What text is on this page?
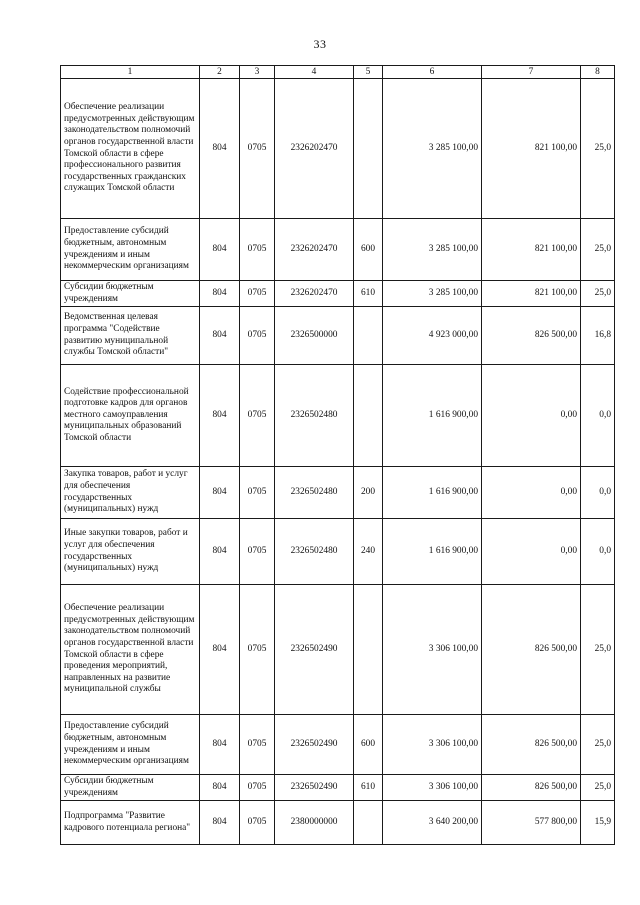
33
1	2	3	4	5	6	7	8
Обеспечение реализации предусмотренных действующим законодательством полномочий органов государственной власти Томской области в сфере профессионального развития государственных гражданских служащих Томской области	804	0705	2326202470		3 285 100,00	821 100,00	25,0
Предоставление субсидий бюджетным, автономным учреждениям и иным некоммерческим организациям	804	0705	2326202470	600	3 285 100,00	821 100,00	25,0
Субсидии бюджетным учреждениям	804	0705	2326202470	610	3 285 100,00	821 100,00	25,0
Ведомственная целевая программа "Содействие развитию муниципальной службы Томской области"	804	0705	2326500000		4 923 000,00	826 500,00	16,8
Содействие профессиональной подготовке кадров для органов местного самоуправления муниципальных образований Томской области	804	0705	2326502480		1 616 900,00	0,00	0,0
Закупка товаров, работ и услуг для обеспечения государственных (муниципальных) нужд	804	0705	2326502480	200	1 616 900,00	0,00	0,0
Иные закупки товаров, работ и услуг для обеспечения государственных (муниципальных) нужд	804	0705	2326502480	240	1 616 900,00	0,00	0,0
Обеспечение реализации предусмотренных действующим законодательством полномочий органов государственной власти Томской области в сфере проведения мероприятий, направленных на развитие муниципальной службы	804	0705	2326502490		3 306 100,00	826 500,00	25,0
Предоставление субсидий бюджетным, автономным учреждениям и иным некоммерческим организациям	804	0705	2326502490	600	3 306 100,00	826 500,00	25,0
Субсидии бюджетным учреждениям	804	0705	2326502490	610	3 306 100,00	826 500,00	25,0
Подпрограмма "Развитие кадрового потенциала региона"	804	0705	2380000000		3 640 200,00	577 800,00	15,9
